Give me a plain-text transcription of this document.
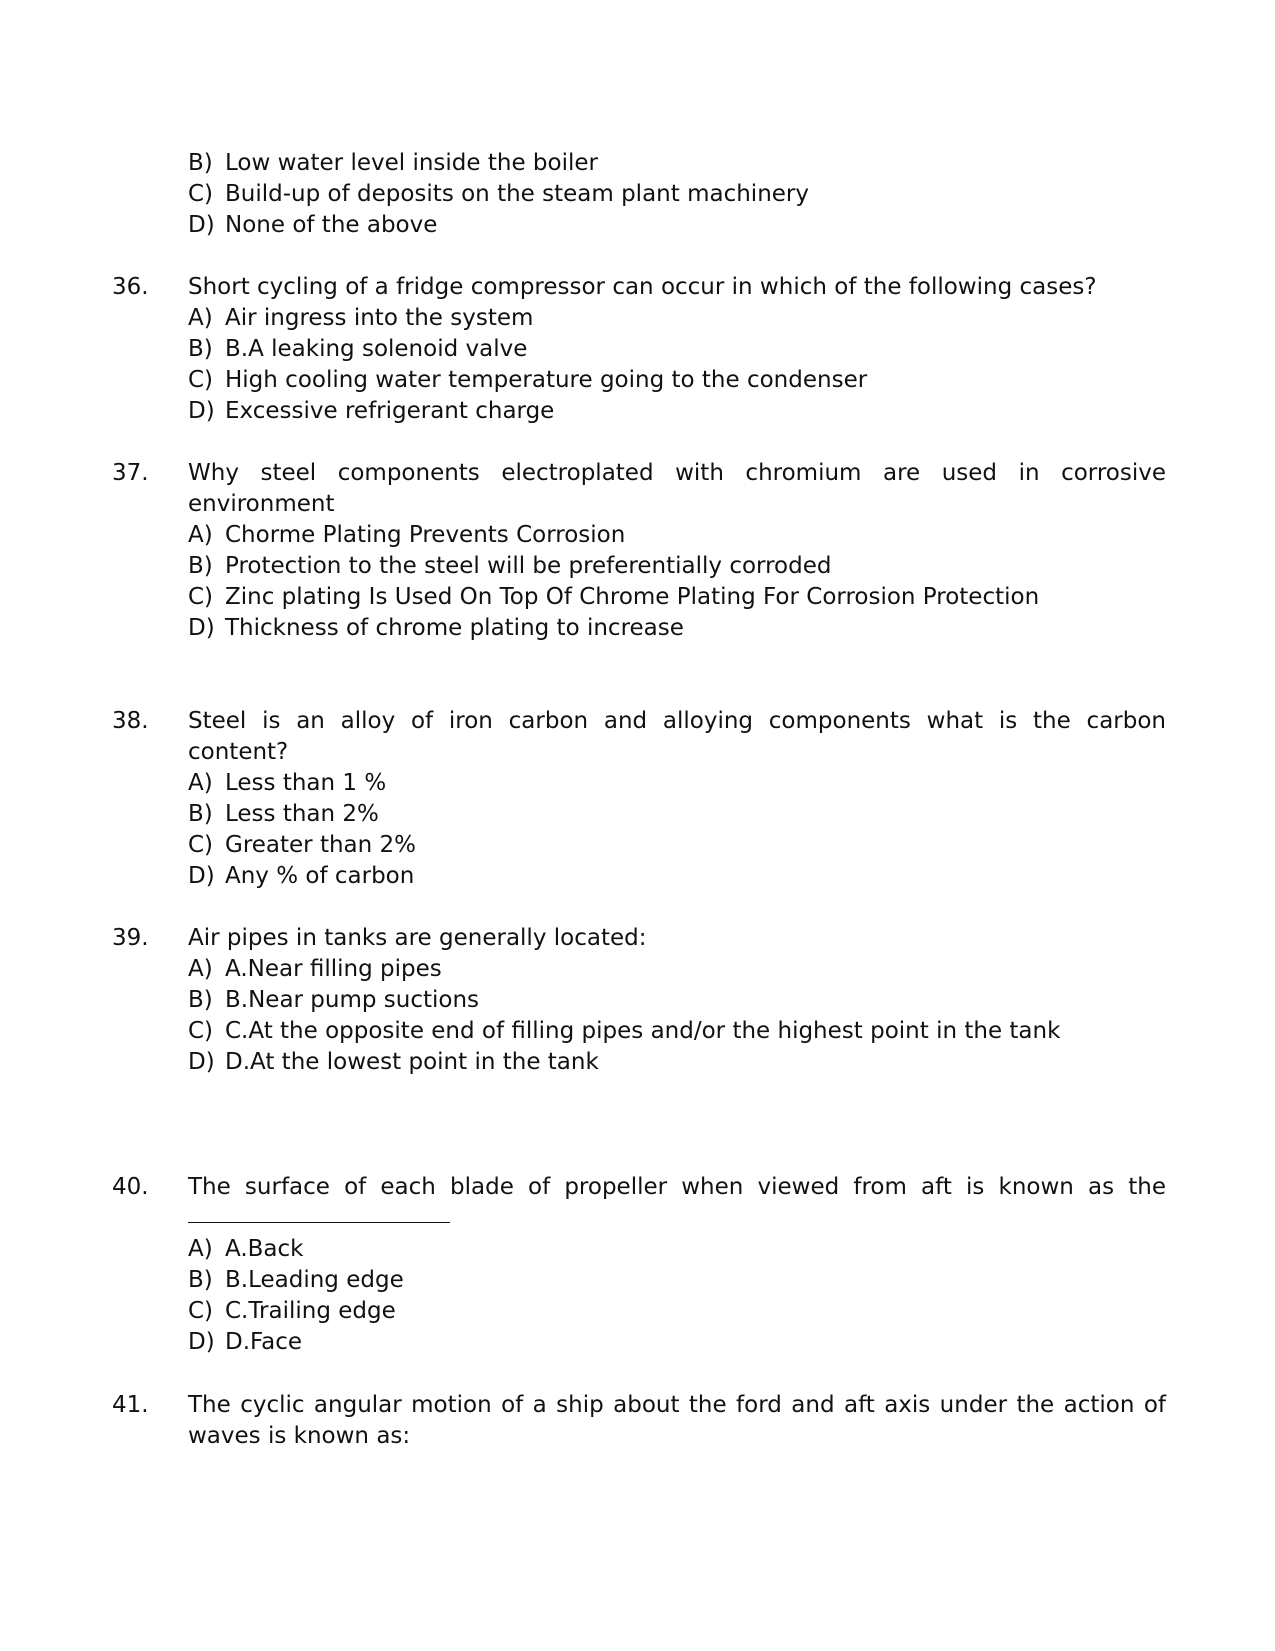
B) Low water level inside the boiler
C) Build-up of deposits on the steam plant machinery
D) None of the above
36. Short cycling of a fridge compressor can occur in which of the following cases?
A) Air ingress into the system
B) B.A leaking solenoid valve
C) High cooling water temperature going to the condenser
D) Excessive refrigerant charge
37. Why steel components electroplated with chromium are used in corrosive
environment
A) Chorme Plating Prevents Corrosion
B) Protection to the steel will be preferentially corroded
C) Zinc plating Is Used On Top Of Chrome Plating For Corrosion Protection
D) Thickness of chrome plating to increase
38. Steel is an alloy of iron carbon and alloying components what is the carbon
content?
A) Less than 1 %
B) Less than 2%
C) Greater than 2%
D) Any % of carbon
39. Air pipes in tanks are generally located:
A) A.Near filling pipes
B) B.Near pump suctions
C) C.At the opposite end of filling pipes and/or the highest point in the tank
D) D.At the lowest point in the tank
40. The surface of each blade of propeller when viewed from aft is known as the
A) A.Back
B) B.Leading edge
C) C.Trailing edge
D) D.Face
41. The cyclic angular motion of a ship about the ford and aft axis under the action of
waves is known as:
